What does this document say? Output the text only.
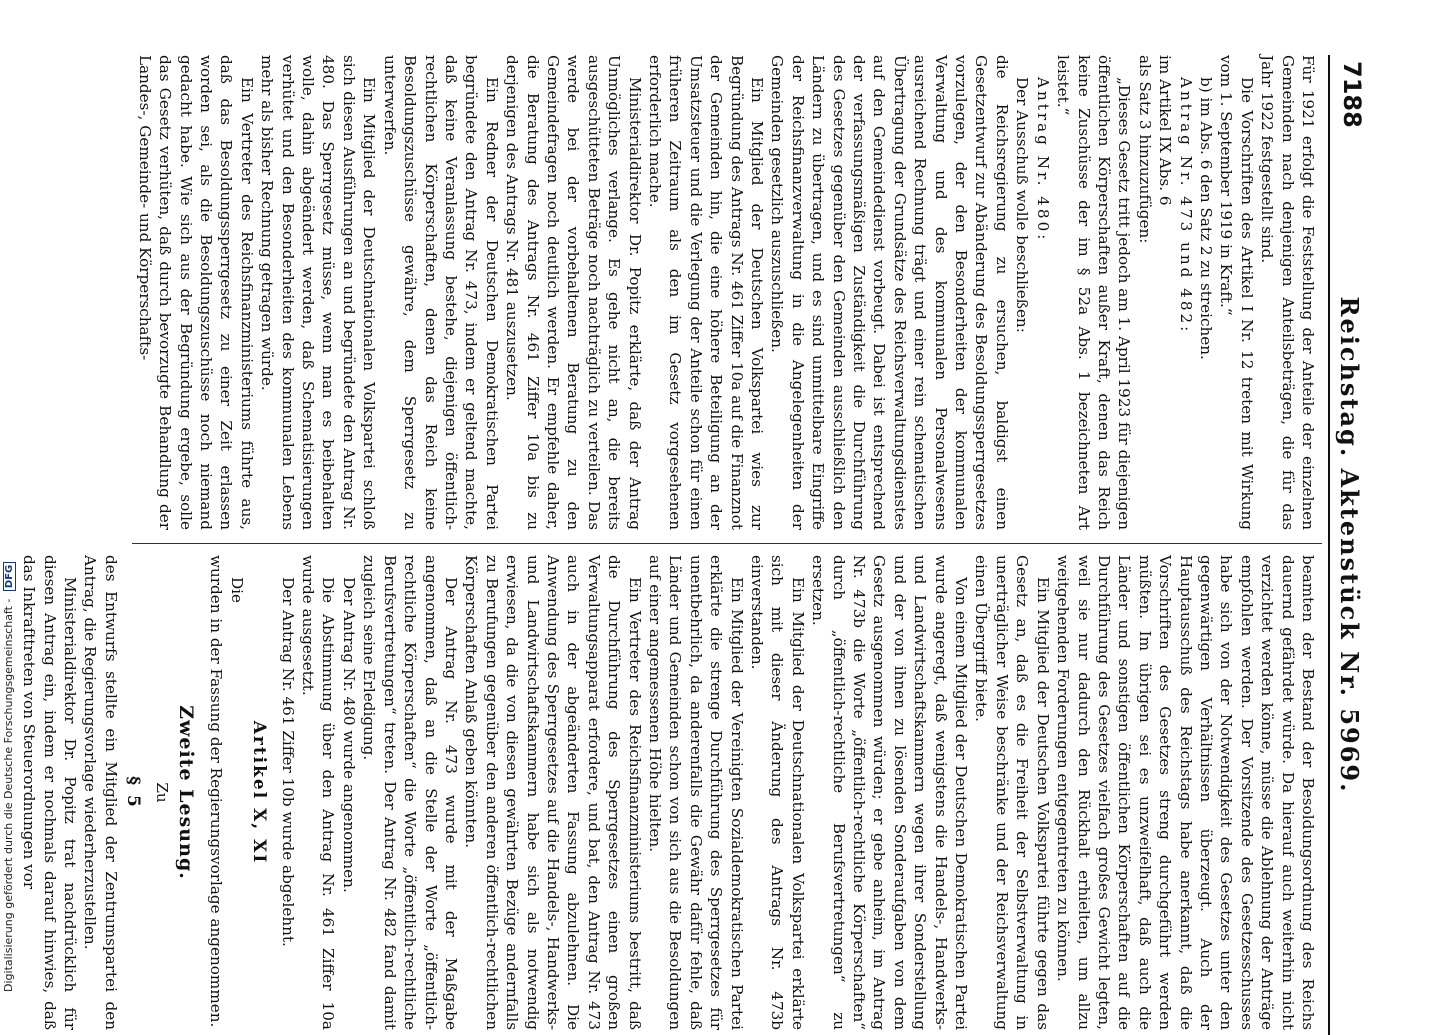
7188
Reichstag. Aktenstück Nr. 5969.

Für 1921 erfolgt die Feststellung der Anteile der einzelnen Gemeinden nach denjenigen Anteilsbeträgen, die für das Jahr 1922 festgestellt sind.

Die Vorschriften des Artikel I Nr. 12 treten mit Wirkung vom 1. September 1919 in Kraft.“

b) im Abs. 6 den Satz 2 zu streichen.

Antrag Nr. 473 und 482:

im Artikel IX Abs. 6

als Satz 3 hinzuzufügen:

„Dieses Gesetz tritt jedoch am 1. April 1923 für diejenigen öffentlichen Körperschaften außer Kraft, denen das Reich keine Zuschüsse der im § 52a Abs. 1 bezeichneten Art leistet.“

Antrag Nr. 480:

Der Ausschuß wolle beschließen:

die Reichsregierung zu ersuchen, baldigst einen Gesetzentwurf zur Abänderung des Besoldungssperrgesetzes vorzulegen, der den Besonderheiten der kommunalen Verwaltung und des kommunalen Personalwesens ausreichend Rechnung trägt und einer rein schematischen Übertragung der Grundsätze des Reichsverwaltungsdienstes auf den Gemeindedienst vorbeugt. Dabei ist entsprechend der verfassungsmäßigen Zuständigkeit die Durchführung des Gesetzes gegenüber den Gemeinden ausschließlich den Ländern zu übertragen, und es sind unmittelbare Eingriffe der Reichsfinanzverwaltung in die Angelegenheiten der Gemeinden gesetzlich auszuschließen.

Ein Mitglied der Deutschen Volkspartei wies zur Begründung des Antrags Nr. 461 Ziffer 10a auf die Finanznot der Gemeinden hin, die eine höhere Beteiligung an der Umsatzsteuer und die Verlegung der Anteile schon für einen früheren Zeitraum als den im Gesetz vorgesehenen erforderlich mache.

Ministerialdirektor Dr. Popitz erklärte, daß der Antrag Unmögliches verlange. Es gehe nicht an, die bereits ausgeschütteten Beträge noch nachträglich zu verteilen. Das werde bei der vorbehaltenen Beratung zu den Gemeindefragen noch deutlich werden. Er empfehle daher, die Beratung des Antrags Nr. 461 Ziffer 10a bis zu derjenigen des Antrags Nr. 481 auszusetzen.

Ein Redner der Deutschen Demokratischen Partei begründete den Antrag Nr. 473, indem er geltend machte, daß keine Veranlassung bestehe, diejenigen öffentlich-rechtlichen Körperschaften, denen das Reich keine Besoldungszuschüsse gewähre, dem Sperrgesetz zu unterwerfen.

Ein Mitglied der Deutschnationalen Volkspartei schloß sich diesen Ausführungen an und begründete den Antrag Nr. 480. Das Sperrgesetz müsse, wenn man es beibehalten wolle, dahin abgeändert werden, daß Schematisierungen verhütet und den Besonderheiten des kommunalen Lebens mehr als bisher Rechnung getragen würde.

Ein Vertreter des Reichsfinanzministeriums führte aus, daß das Besoldungssperrgesetz zu einer Zeit erlassen worden sei, als die Besoldungszuschüsse noch niemand gedacht habe. Wie sich aus der Begründung ergebe, solle das Gesetz verhüten, daß durch bevorzugte Behandlung der Landes-, Gemeinde- und Körperschafts-

beamten der Bestand der Besoldungsordnung des Reichs dauernd gefährdet würde. Da hierauf auch weiterhin nicht verzichtet werden könne, müsse die Ablehnung der Anträge empfohlen werden. Der Vorsitzende des Gesetzesschusses habe sich von der Notwendigkeit des Gesetzes unter den gegenwärtigen Verhältnissen überzeugt. Auch der Hauptausschuß des Reichstags habe anerkannt, daß die Vorschriften des Gesetzes streng durchgeführt werden müßten. Im übrigen sei es unzweifelhaft, daß auch die Länder und sonstigen öffentlichen Körperschaften auf die Durchführung des Gesetzes vielfach großes Gewicht legten, weil sie nur dadurch den Rückhalt erhielten, um allzu weitgehenden Forderungen entgegentreten zu können.

Ein Mitglied der Deutschen Volkspartei führte gegen das Gesetz an, daß es die Freiheit der Selbstverwaltung in unerträglicher Weise beschränke und der Reichsverwaltung einen Übergriff biete.

Von einem Mitglied der Deutschen Demokratischen Partei wurde angeregt, daß wenigstens die Handels-, Handwerks- und Landwirtschaftskammern wegen ihrer Sonderstellung und der von ihnen zu lösenden Sonderaufgaben von dem Gesetz ausgenommen würden; er gebe anheim, im Antrag Nr. 473b die Worte „öffentlich-rechtliche Körperschaften“ durch „öffentlich-rechtliche Berufsvertretungen“ zu ersetzen.

Ein Mitglied der Deutschnationalen Volkspartei erklärte sich mit dieser Änderung des Antrags Nr. 473b einverstanden.

Ein Mitglied der Vereinigten Sozialdemokratischen Partei erklärte die strenge Durchführung des Sperrgesetzes für unentbehrlich, da anderenfalls die Gewähr dafür fehle, daß Länder und Gemeinden schon von sich aus die Besoldungen auf einer angemessenen Höhe hielten.

Ein Vertreter des Reichsfinanzministeriums bestritt, daß die Durchführung des Sperrgesetzes einen großen Verwaltungsapparat erfordere, und bat, den Antrag Nr. 473 auch in der abgeänderten Fassung abzulehnen. Die Anwendung des Sperrgesetzes auf die Handels-, Handwerks- und Landwirtschaftskammern habe sich als notwendig erwiesen, da die von diesen gewährten Bezüge andernfalls zu Berufungen gegenüber den anderen öffentlich-rechtlichen Körperschaften Anlaß geben könnten.

Der Antrag Nr. 473 wurde mit der Maßgabe angenommen, daß an die Stelle der Worte „öffentlich-rechtliche Körperschaften“ die Worte „öffentlich-rechtliche Berufsvertretungen“ treten. Der Antrag Nr. 482 fand damit zugleich seine Erledigung.

Der Antrag Nr. 480 wurde angenommen.

Die Abstimmung über den Antrag Nr. 461 Ziffer 10a wurde ausgesetzt.

Der Antrag Nr. 461 Ziffer 10b wurde abgelehnt.

Artikel X, XI

Die

wurden in der Fassung der Regierungsvorlage angenommen.

Zweite Lesung.

Zu

§ 5

des Entwurfs stellte ein Mitglied der Zentrumspartei den Antrag, die Regierungsvorlage wiederherzustellen.

Ministerialdirektor Dr. Popitz trat nachdrücklich für diesen Antrag ein, indem er nochmals darauf hinwies, daß das Inkrafttreten von Steuerordnungen vor

Digitalisierung gefördert durch die Deutsche Forschungsgemeinschaft - DFG
